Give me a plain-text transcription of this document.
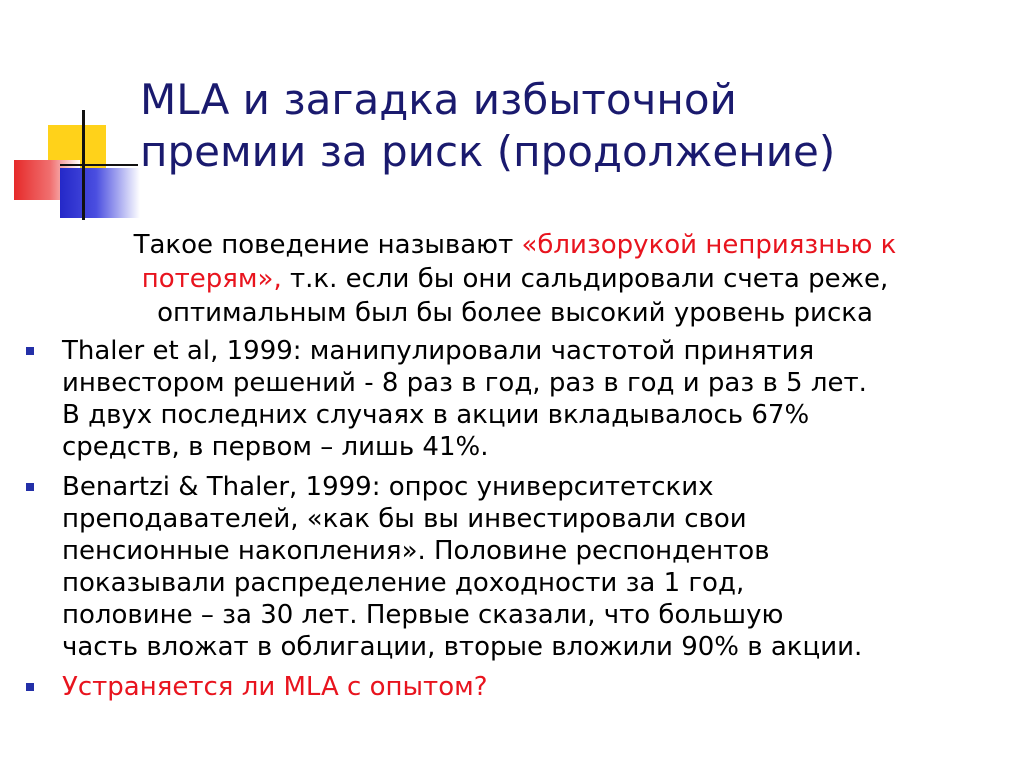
MLA и загадка избыточной
премии за риск (продолжение)
Такое поведение называют «близорукой неприязнью к потерям», т.к. если бы они сальдировали счета реже, оптимальным был бы более высокий уровень риска
Thaler et al, 1999: манипулировали частотой принятия
инвестором решений - 8 раз в год, раз в год и раз в 5 лет.
В двух последних случаях в акции вкладывалось 67%
средств, в первом – лишь 41%.
Benartzi & Thaler, 1999: опрос университетских
преподавателей, «как бы вы инвестировали свои
пенсионные накопления». Половине респондентов
показывали распределение доходности за 1 год,
половине – за 30 лет. Первые сказали, что большую
часть вложат в облигации, вторые вложили 90% в акции.
Устраняется ли MLA с опытом?
